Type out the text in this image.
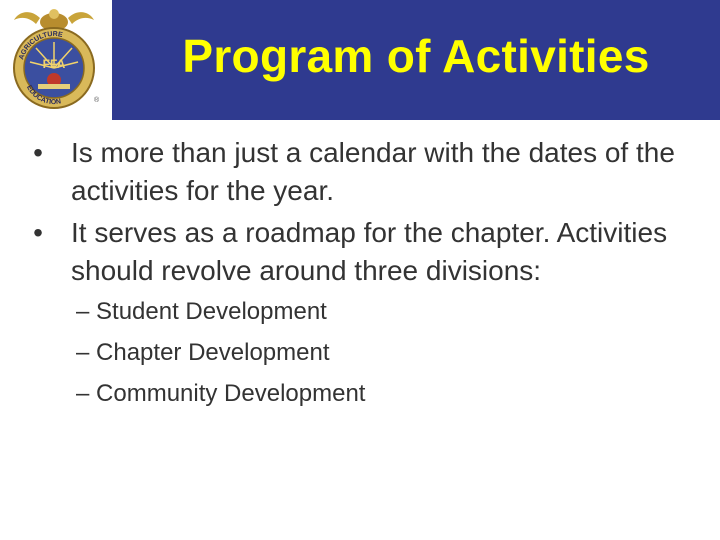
AGRICULTURE
FFA
EDUCATION	®
Program of Activities
• Is more than just a calendar with the dates of the activities for the year.
• It serves as a roadmap for the chapter. Activities should revolve around three divisions:
– Student Development
– Chapter Development
– Community Development
